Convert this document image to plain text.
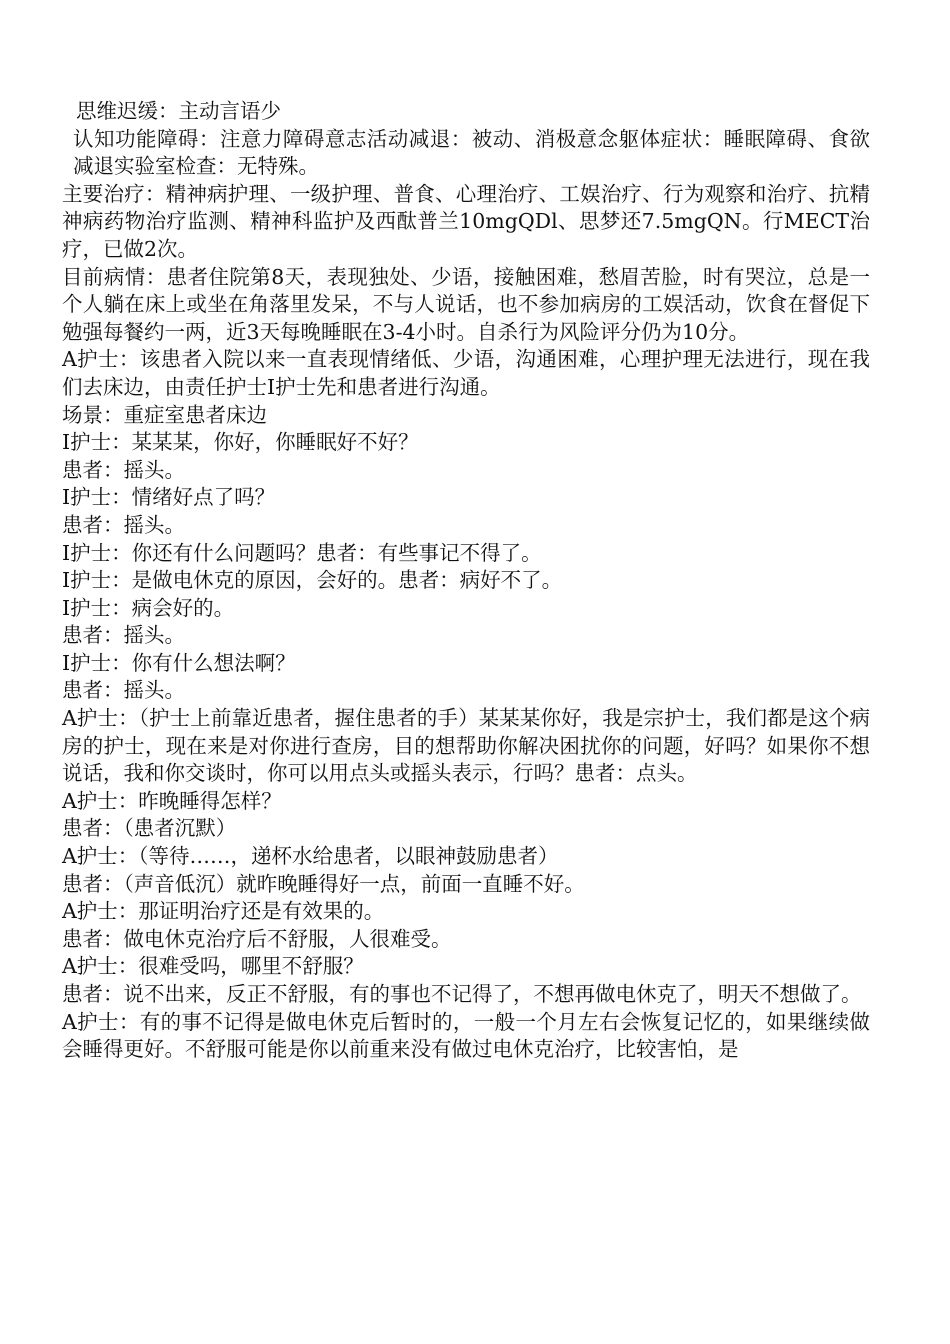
思维迟缓：主动言语少

认知功能障碍：注意力障碍意志活动减退：被动、消极意念躯体症状：睡眠障碍、食欲减退实验室检查：无特殊。

主要治疗：精神病护理、一级护理、普食、心理治疗、工娱治疗、行为观察和治疗、抗精神病药物治疗监测、精神科监护及西酞普兰10mgQDl、思梦还7.5mgQN。行MECT治疗，已做2次。

目前病情：患者住院第8天，表现独处、少语，接触困难，愁眉苦脸，时有哭泣，总是一个人躺在床上或坐在角落里发呆，不与人说话，也不参加病房的工娱活动，饮食在督促下勉强每餐约一两，近3天每晚睡眠在3-4小时。自杀行为风险评分仍为10分。

A护士：该患者入院以来一直表现情绪低、少语，沟通困难，心理护理无法进行，现在我们去床边，由责任护士I护士先和患者进行沟通。

场景：重症室患者床边

I护士：某某某，你好，你睡眠好不好？

患者：摇头。

I护士：情绪好点了吗？

患者：摇头。

I护士：你还有什么问题吗？患者：有些事记不得了。

I护士：是做电休克的原因，会好的。患者：病好不了。

I护士：病会好的。

患者：摇头。

I护士：你有什么想法啊？

患者：摇头。

A护士：（护士上前靠近患者，握住患者的手）某某某你好，我是宗护士，我们都是这个病房的护士，现在来是对你进行查房，目的想帮助你解决困扰你的问题，好吗？如果你不想说话，我和你交谈时，你可以用点头或摇头表示，行吗？患者：点头。

A护士：昨晚睡得怎样？

患者：（患者沉默）

A护士：（等待……，递杯水给患者，以眼神鼓励患者）

患者：（声音低沉）就昨晚睡得好一点，前面一直睡不好。

A护士：那证明治疗还是有效果的。

患者：做电休克治疗后不舒服，人很难受。

A护士：很难受吗，哪里不舒服？

患者：说不出来，反正不舒服，有的事也不记得了，不想再做电休克了，明天不想做了。

A护士：有的事不记得是做电休克后暂时的，一般一个月左右会恢复记忆的，如果继续做会睡得更好。不舒服可能是你以前重来没有做过电休克治疗，比较害怕，是
